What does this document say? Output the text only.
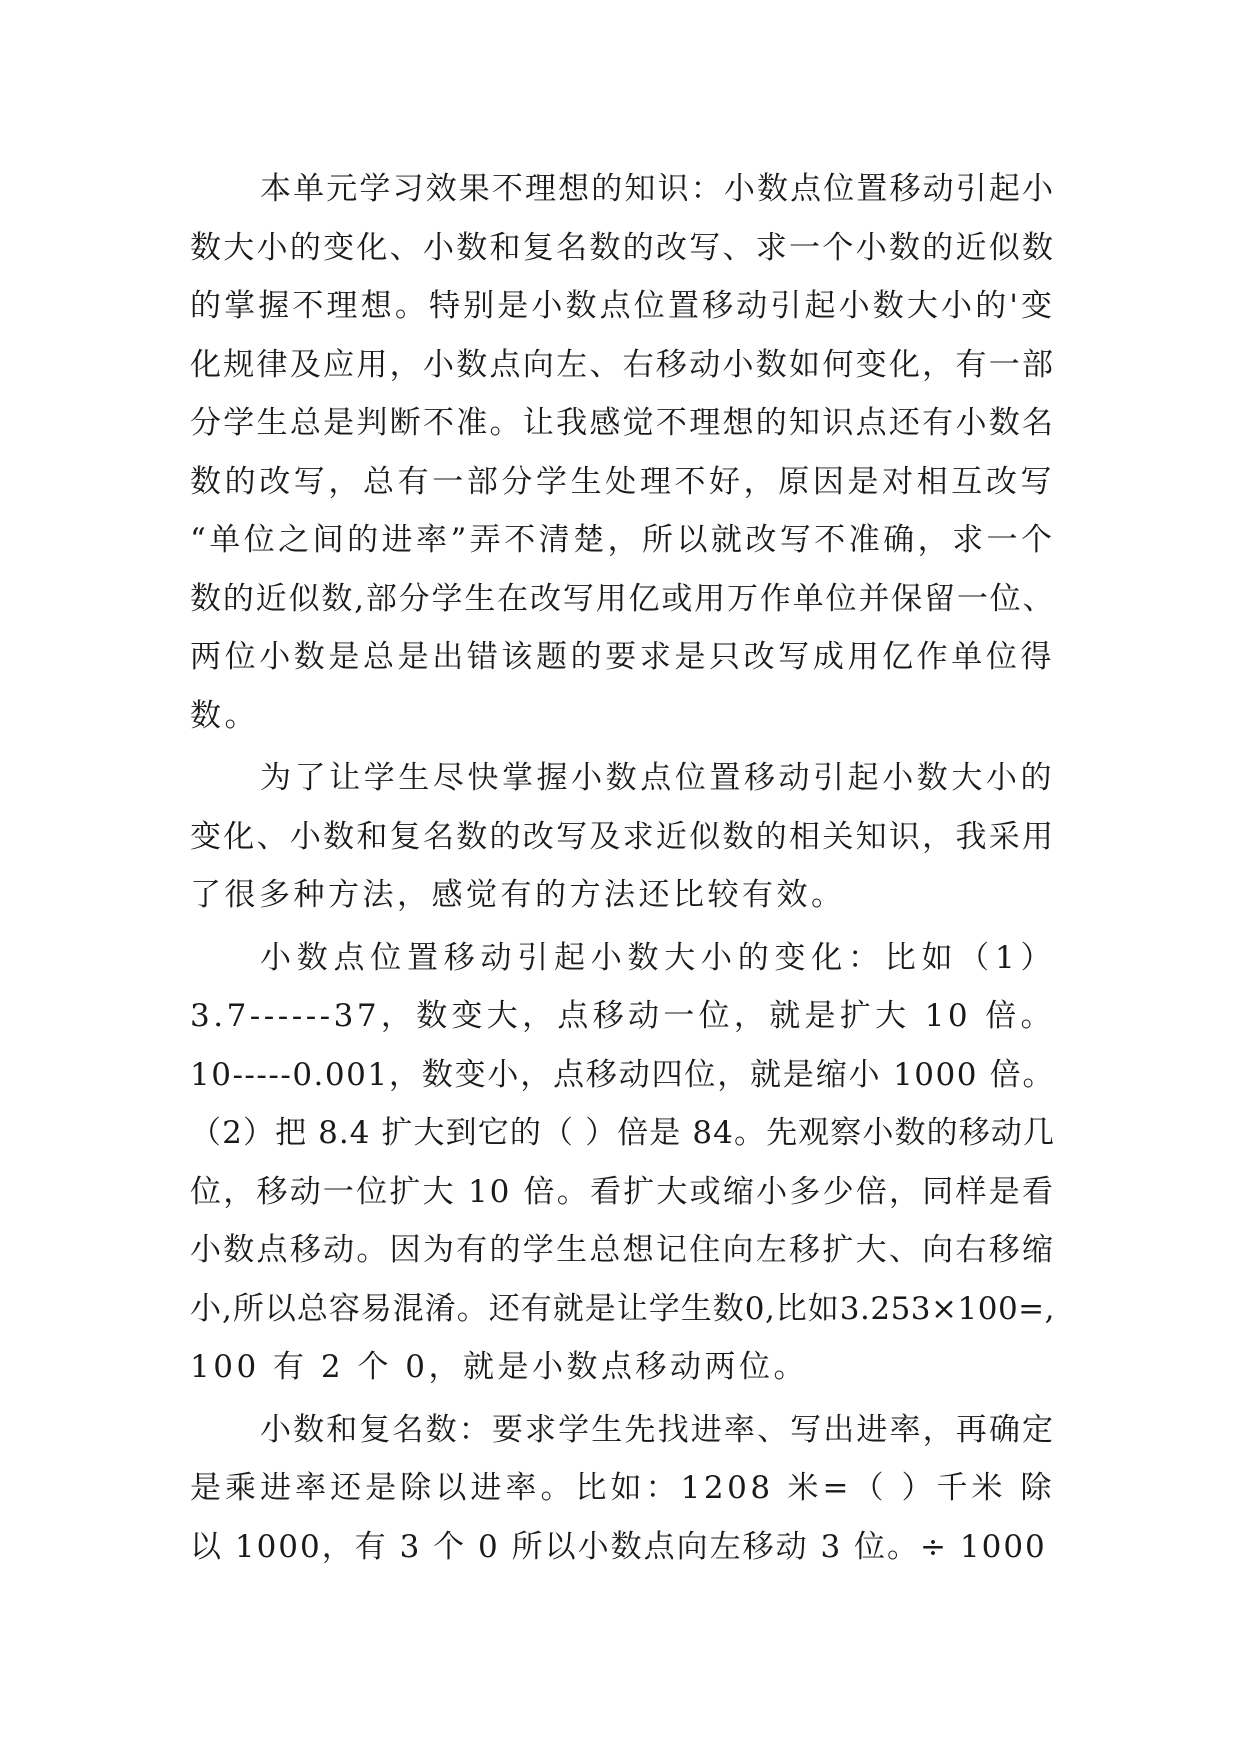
本单元学习效果不理想的知识：小数点位置移动引起小
数大小的变化、小数和复名数的改写、求一个小数的近似数
的掌握不理想。特别是小数点位置移动引起小数大小的'变
化规律及应用，小数点向左、右移动小数如何变化，有一部
分学生总是判断不准。让我感觉不理想的知识点还有小数名
数的改写，总有一部分学生处理不好，原因是对相互改写
“单位之间的进率”弄不清楚，所以就改写不准确，求一个
数的近似数,部分学生在改写用亿或用万作单位并保留一位、
两位小数是总是出错该题的要求是只改写成用亿作单位得
数。
为了让学生尽快掌握小数点位置移动引起小数大小的
变化、小数和复名数的改写及求近似数的相关知识，我采用
了很多种方法，感觉有的方法还比较有效。
小数点位置移动引起小数大小的变化：比如（1）
3.7------37，数变大，点移动一位，就是扩大 10 倍。
10-----0.001，数变小，点移动四位，就是缩小 1000 倍。
（2）把 8.4 扩大到它的（ ）倍是 84。先观察小数的移动几
位，移动一位扩大 10 倍。看扩大或缩小多少倍，同样是看
小数点移动。因为有的学生总想记住向左移扩大、向右移缩
小,所以总容易混淆。还有就是让学生数0,比如3.253×100=,
100 有 2 个 0，就是小数点移动两位。
小数和复名数：要求学生先找进率、写出进率，再确定
是乘进率还是除以进率。比如：1208 米=（ ）千米 除
以 1000，有 3 个 0 所以小数点向左移动 3 位。÷ 1000
